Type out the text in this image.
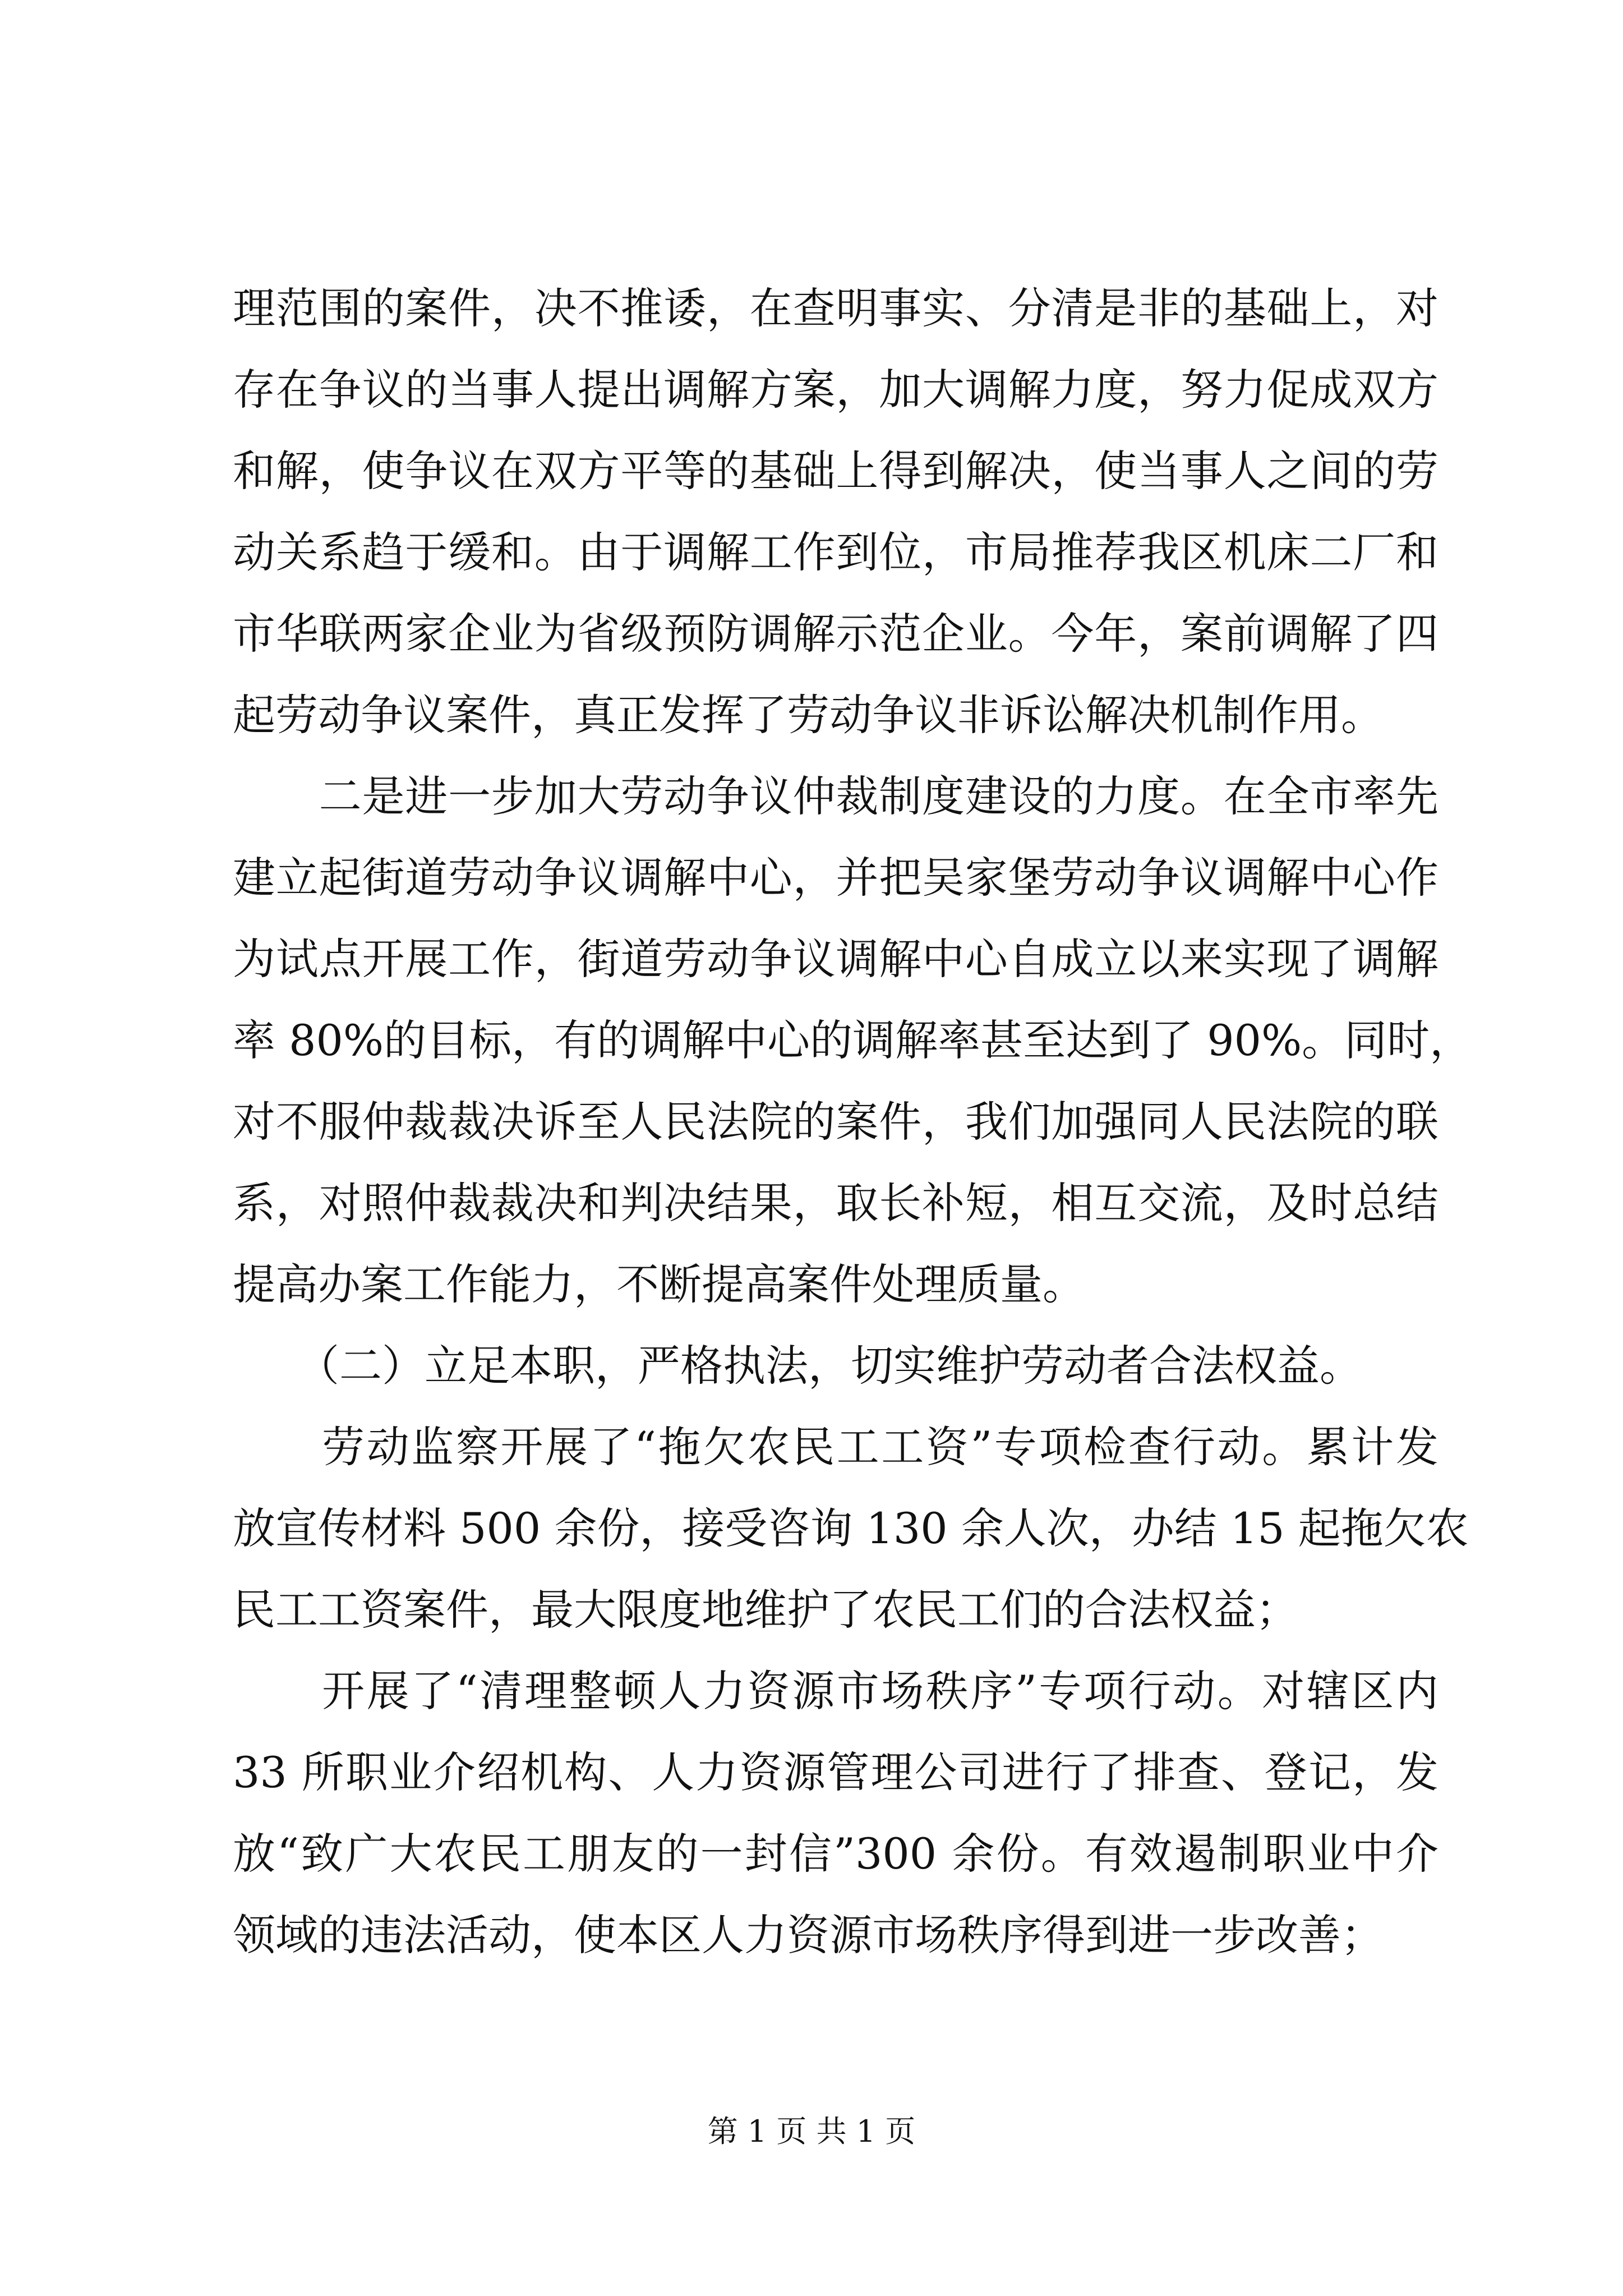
理范围的案件，决不推诿，在查明事实、分清是非的基础上，对
存在争议的当事人提出调解方案，加大调解力度，努力促成双方
和解，使争议在双方平等的基础上得到解决，使当事人之间的劳
动关系趋于缓和。由于调解工作到位，市局推荐我区机床二厂和
市华联两家企业为省级预防调解示范企业。今年，案前调解了四
起劳动争议案件，真正发挥了劳动争议非诉讼解决机制作用。
　　二是进一步加大劳动争议仲裁制度建设的力度。在全市率先
建立起街道劳动争议调解中心，并把吴家堡劳动争议调解中心作
为试点开展工作，街道劳动争议调解中心自成立以来实现了调解
率 80%的目标，有的调解中心的调解率甚至达到了 90%。同时，
对不服仲裁裁决诉至人民法院的案件，我们加强同人民法院的联
系，对照仲裁裁决和判决结果，取长补短，相互交流，及时总结
提高办案工作能力，不断提高案件处理质量。
　　（二）立足本职，严格执法，切实维护劳动者合法权益。
　　劳动监察开展了“拖欠农民工工资”专项检查行动。累计发
放宣传材料 500 余份，接受咨询 130 余人次，办结 15 起拖欠农
民工工资案件，最大限度地维护了农民工们的合法权益；
　　开展了“清理整顿人力资源市场秩序”专项行动。对辖区内
33 所职业介绍机构、人力资源管理公司进行了排查、登记，发
放“致广大农民工朋友的一封信”300 余份。有效遏制职业中介
领域的违法活动，使本区人力资源市场秩序得到进一步改善；
第 1 页 共 1 页
